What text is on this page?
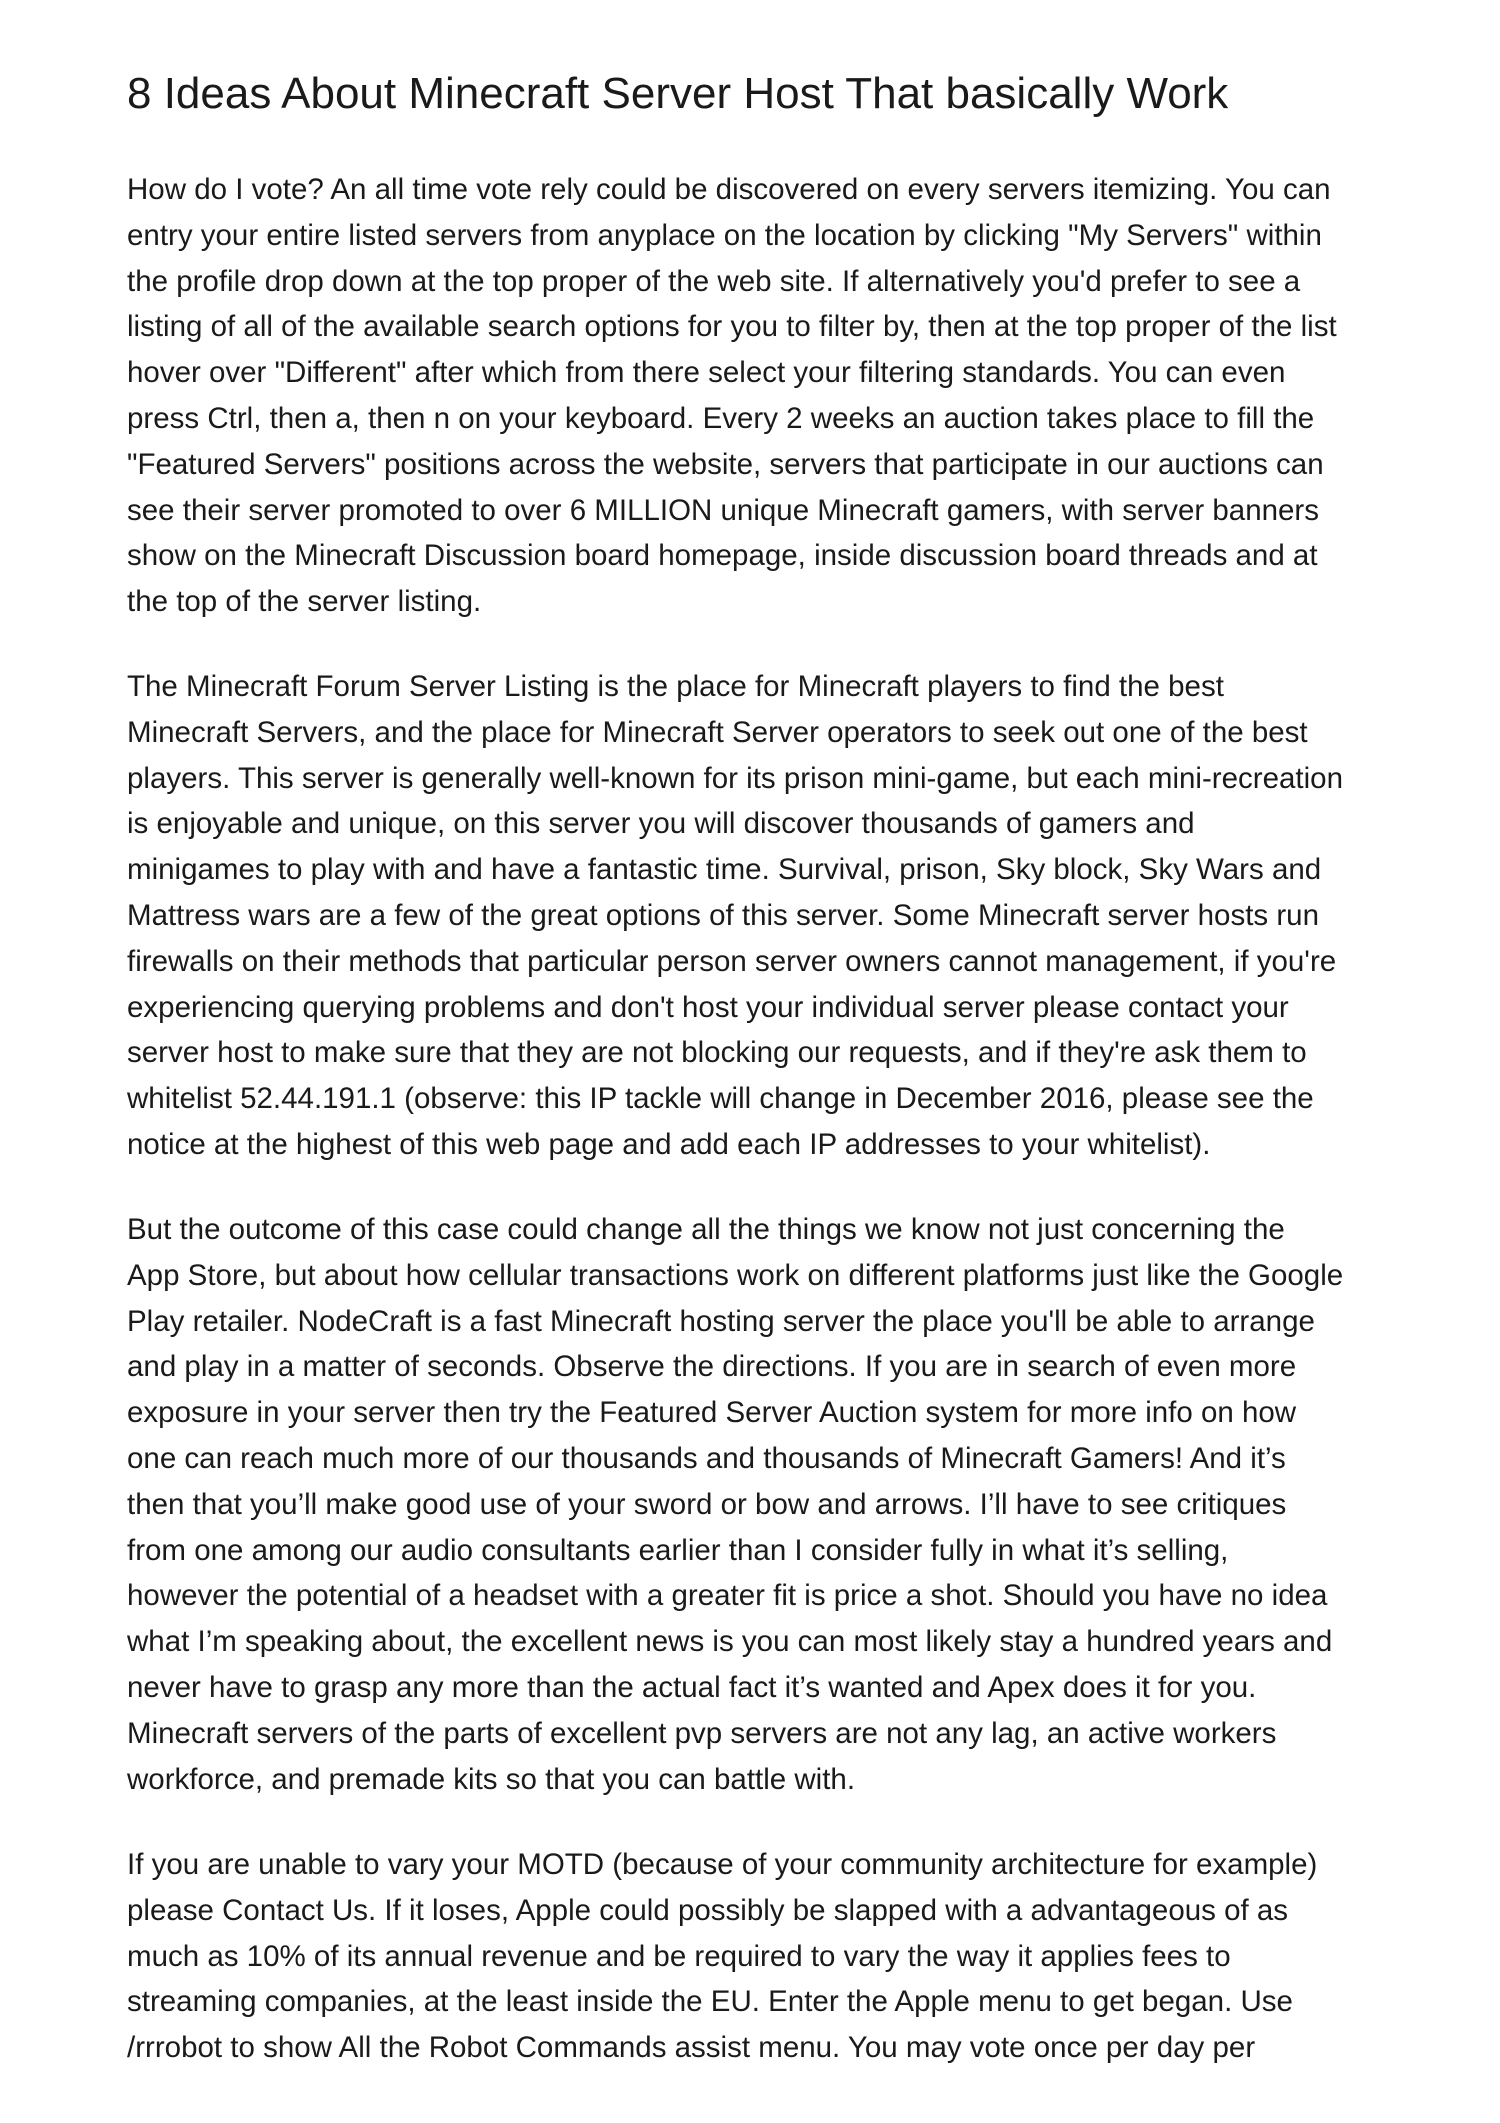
8 Ideas About Minecraft Server Host That basically Work

How do I vote? An all time vote rely could be discovered on every servers itemizing. You can
entry your entire listed servers from anyplace on the location by clicking "My Servers" within
the profile drop down at the top proper of the web site. If alternatively you'd prefer to see a
listing of all of the available search options for you to filter by, then at the top proper of the list
hover over "Different" after which from there select your filtering standards. You can even
press Ctrl, then a, then n on your keyboard. Every 2 weeks an auction takes place to fill the
"Featured Servers" positions across the website, servers that participate in our auctions can
see their server promoted to over 6 MILLION unique Minecraft gamers, with server banners
show on the Minecraft Discussion board homepage, inside discussion board threads and at
the top of the server listing.

The Minecraft Forum Server Listing is the place for Minecraft players to find the best
Minecraft Servers, and the place for Minecraft Server operators to seek out one of the best
players. This server is generally well-known for its prison mini-game, but each mini-recreation
is enjoyable and unique, on this server you will discover thousands of gamers and
minigames to play with and have a fantastic time. Survival, prison, Sky block, Sky Wars and
Mattress wars are a few of the great options of this server. Some Minecraft server hosts run
firewalls on their methods that particular person server owners cannot management, if you're
experiencing querying problems and don't host your individual server please contact your
server host to make sure that they are not blocking our requests, and if they're ask them to
whitelist 52.44.191.1 (observe: this IP tackle will change in December 2016, please see the
notice at the highest of this web page and add each IP addresses to your whitelist).

But the outcome of this case could change all the things we know not just concerning the
App Store, but about how cellular transactions work on different platforms just like the Google
Play retailer. NodeCraft is a fast Minecraft hosting server the place you'll be able to arrange
and play in a matter of seconds. Observe the directions. If you are in search of even more
exposure in your server then try the Featured Server Auction system for more info on how
one can reach much more of our thousands and thousands of Minecraft Gamers! And it’s
then that you’ll make good use of your sword or bow and arrows. I’ll have to see critiques
from one among our audio consultants earlier than I consider fully in what it’s selling,
however the potential of a headset with a greater fit is price a shot. Should you have no idea
what I’m speaking about, the excellent news is you can most likely stay a hundred years and
never have to grasp any more than the actual fact it’s wanted and Apex does it for you.
Minecraft servers of the parts of excellent pvp servers are not any lag, an active workers
workforce, and premade kits so that you can battle with.

If you are unable to vary your MOTD (because of your community architecture for example)
please Contact Us. If it loses, Apple could possibly be slapped with a advantageous of as
much as 10% of its annual revenue and be required to vary the way it applies fees to
streaming companies, at the least inside the EU. Enter the Apple menu to get began. Use
/rrrobot to show All the Robot Commands assist menu. You may vote once per day per
